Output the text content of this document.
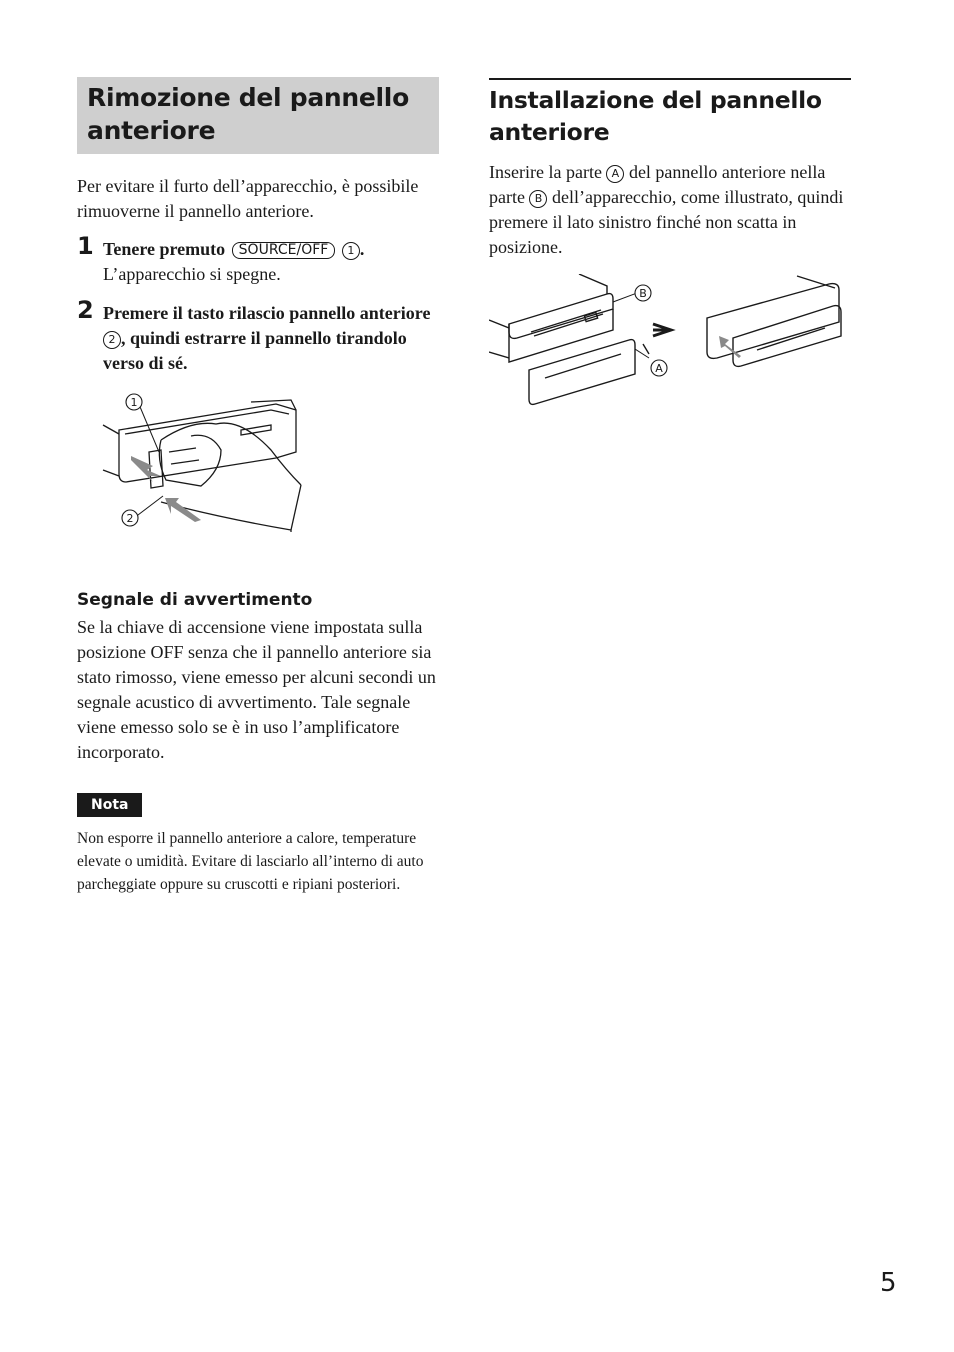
Rimozione del pannello anteriore

Per evitare il furto dell’apparecchio, è possibile rimuoverne il pannello anteriore.

1 Tenere premuto SOURCE/OFF 1 .
L’apparecchio si spegne.
2 Premere il tasto rilascio pannello anteriore 2 , quindi estrarre il pannello tirandolo verso di sé.
1
2
Segnale di avvertimento

Se la chiave di accensione viene impostata sulla posizione OFF senza che il pannello anteriore sia stato rimosso, viene emesso per alcuni secondi un segnale acustico di avvertimento. Tale segnale viene emesso solo se è in uso l’amplificatore incorporato.

Nota

Non esporre il pannello anteriore a calore, temperature elevate o umidità. Evitare di lasciarlo all’interno di auto parcheggiate oppure su cruscotti e ripiani posteriori.

Installazione del pannello anteriore

Inserire la parte A del pannello anteriore nella parte B dell’apparecchio, come illustrato, quindi premere il lato sinistro finché non scatta in posizione.

B
A
5
